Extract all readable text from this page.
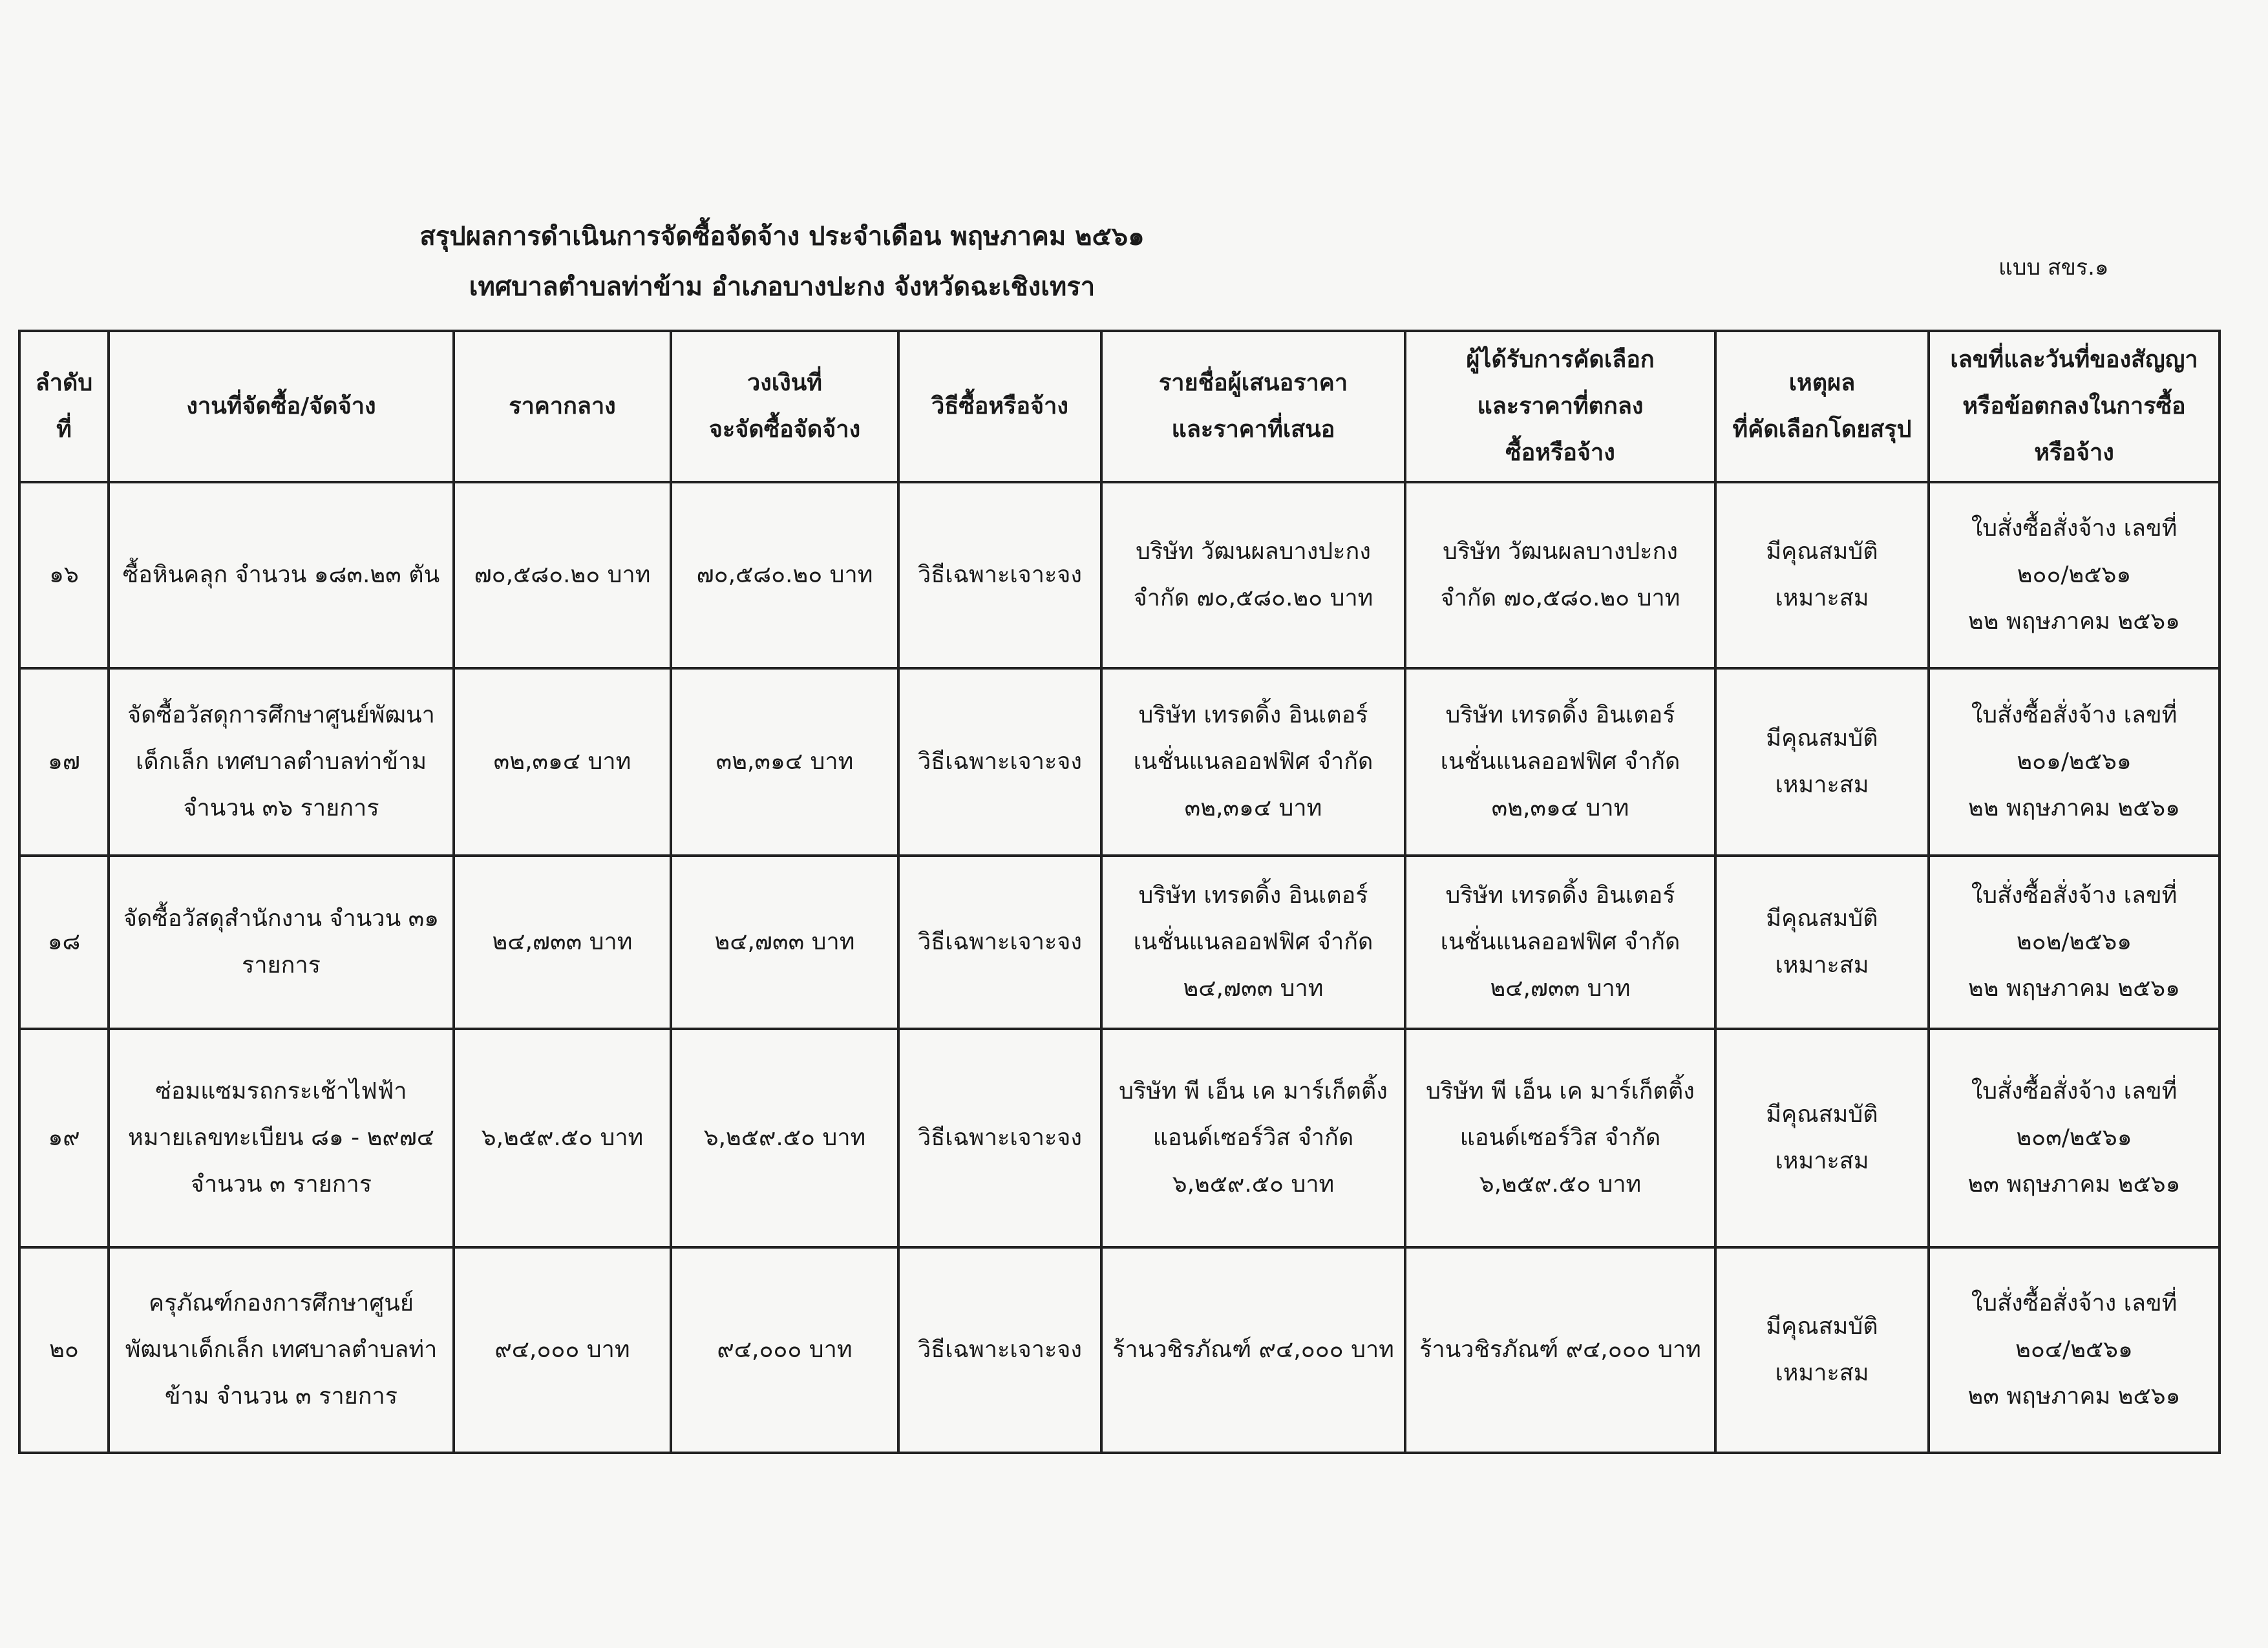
สรุปผลการดำเนินการจัดซื้อจัดจ้าง ประจำเดือน พฤษภาคม ๒๕๖๑
เทศบาลตำบลท่าข้าม อำเภอบางปะกง จังหวัดฉะเชิงเทรา
แบบ สขร.๑
ลำดับที่	งานที่จัดซื้อ/จัดจ้าง	ราคากลาง	วงเงินที่
จะจัดซื้อจัดจ้าง	วิธีซื้อหรือจ้าง	รายชื่อผู้เสนอราคา
และราคาที่เสนอ	ผู้ได้รับการคัดเลือก
และราคาที่ตกลง
ซื้อหรือจ้าง	เหตุผล
ที่คัดเลือกโดยสรุป	เลขที่และวันที่ของสัญญา
หรือข้อตกลงในการซื้อ
หรือจ้าง

๑๖	ซื้อหินคลุก จำนวน ๑๘๓.๒๓ ตัน	๗๐,๕๘๐.๒๐ บาท	๗๐,๕๘๐.๒๐ บาท	วิธีเฉพาะเจาะจง	บริษัท วัฒนผลบางปะกง
จำกัด ๗๐,๕๘๐.๒๐ บาท	บริษัท วัฒนผลบางปะกง
จำกัด ๗๐,๕๘๐.๒๐ บาท	มีคุณสมบัติ
เหมาะสม	ใบสั่งซื้อสั่งจ้าง เลขที่
๒๐๐/๒๕๖๑
๒๒ พฤษภาคม ๒๕๖๑

๑๗	จัดซื้อวัสดุการศึกษาศูนย์พัฒนา
เด็กเล็ก เทศบาลตำบลท่าข้าม
จำนวน ๓๖ รายการ	๓๒,๓๑๔ บาท	๓๒,๓๑๔ บาท	วิธีเฉพาะเจาะจง	บริษัท เทรดดิ้ง อินเตอร์
เนชั่นแนลออฟฟิศ จำกัด
๓๒,๓๑๔ บาท	บริษัท เทรดดิ้ง อินเตอร์
เนชั่นแนลออฟฟิศ จำกัด
๓๒,๓๑๔ บาท	มีคุณสมบัติ
เหมาะสม	ใบสั่งซื้อสั่งจ้าง เลขที่
๒๐๑/๒๕๖๑
๒๒ พฤษภาคม ๒๕๖๑

๑๘	จัดซื้อวัสดุสำนักงาน จำนวน ๓๑
รายการ	๒๔,๗๓๓ บาท	๒๔,๗๓๓ บาท	วิธีเฉพาะเจาะจง	บริษัท เทรดดิ้ง อินเตอร์
เนชั่นแนลออฟฟิศ จำกัด
๒๔,๗๓๓ บาท	บริษัท เทรดดิ้ง อินเตอร์
เนชั่นแนลออฟฟิศ จำกัด
๒๔,๗๓๓ บาท	มีคุณสมบัติ
เหมาะสม	ใบสั่งซื้อสั่งจ้าง เลขที่
๒๐๒/๒๕๖๑
๒๒ พฤษภาคม ๒๕๖๑

๑๙	ซ่อมแซมรถกระเช้าไฟฟ้า
หมายเลขทะเบียน ๘๑ - ๒๙๗๔
จำนวน ๓ รายการ	๖,๒๕๙.๕๐ บาท	๖,๒๕๙.๕๐ บาท	วิธีเฉพาะเจาะจง	บริษัท พี เอ็น เค มาร์เก็ตติ้ง
แอนด์เซอร์วิส จำกัด
๖,๒๕๙.๕๐ บาท	บริษัท พี เอ็น เค มาร์เก็ตติ้ง
แอนด์เซอร์วิส จำกัด
๖,๒๕๙.๕๐ บาท	มีคุณสมบัติ
เหมาะสม	ใบสั่งซื้อสั่งจ้าง เลขที่
๒๐๓/๒๕๖๑
๒๓ พฤษภาคม ๒๕๖๑

๒๐	ครุภัณฑ์กองการศึกษาศูนย์
พัฒนาเด็กเล็ก เทศบาลตำบลท่า
ข้าม จำนวน ๓ รายการ	๙๔,๐๐๐ บาท	๙๔,๐๐๐ บาท	วิธีเฉพาะเจาะจง	ร้านวชิรภัณฑ์ ๙๔,๐๐๐ บาท	ร้านวชิรภัณฑ์ ๙๔,๐๐๐ บาท	มีคุณสมบัติ
เหมาะสม	ใบสั่งซื้อสั่งจ้าง เลขที่
๒๐๔/๒๕๖๑
๒๓ พฤษภาคม ๒๕๖๑
